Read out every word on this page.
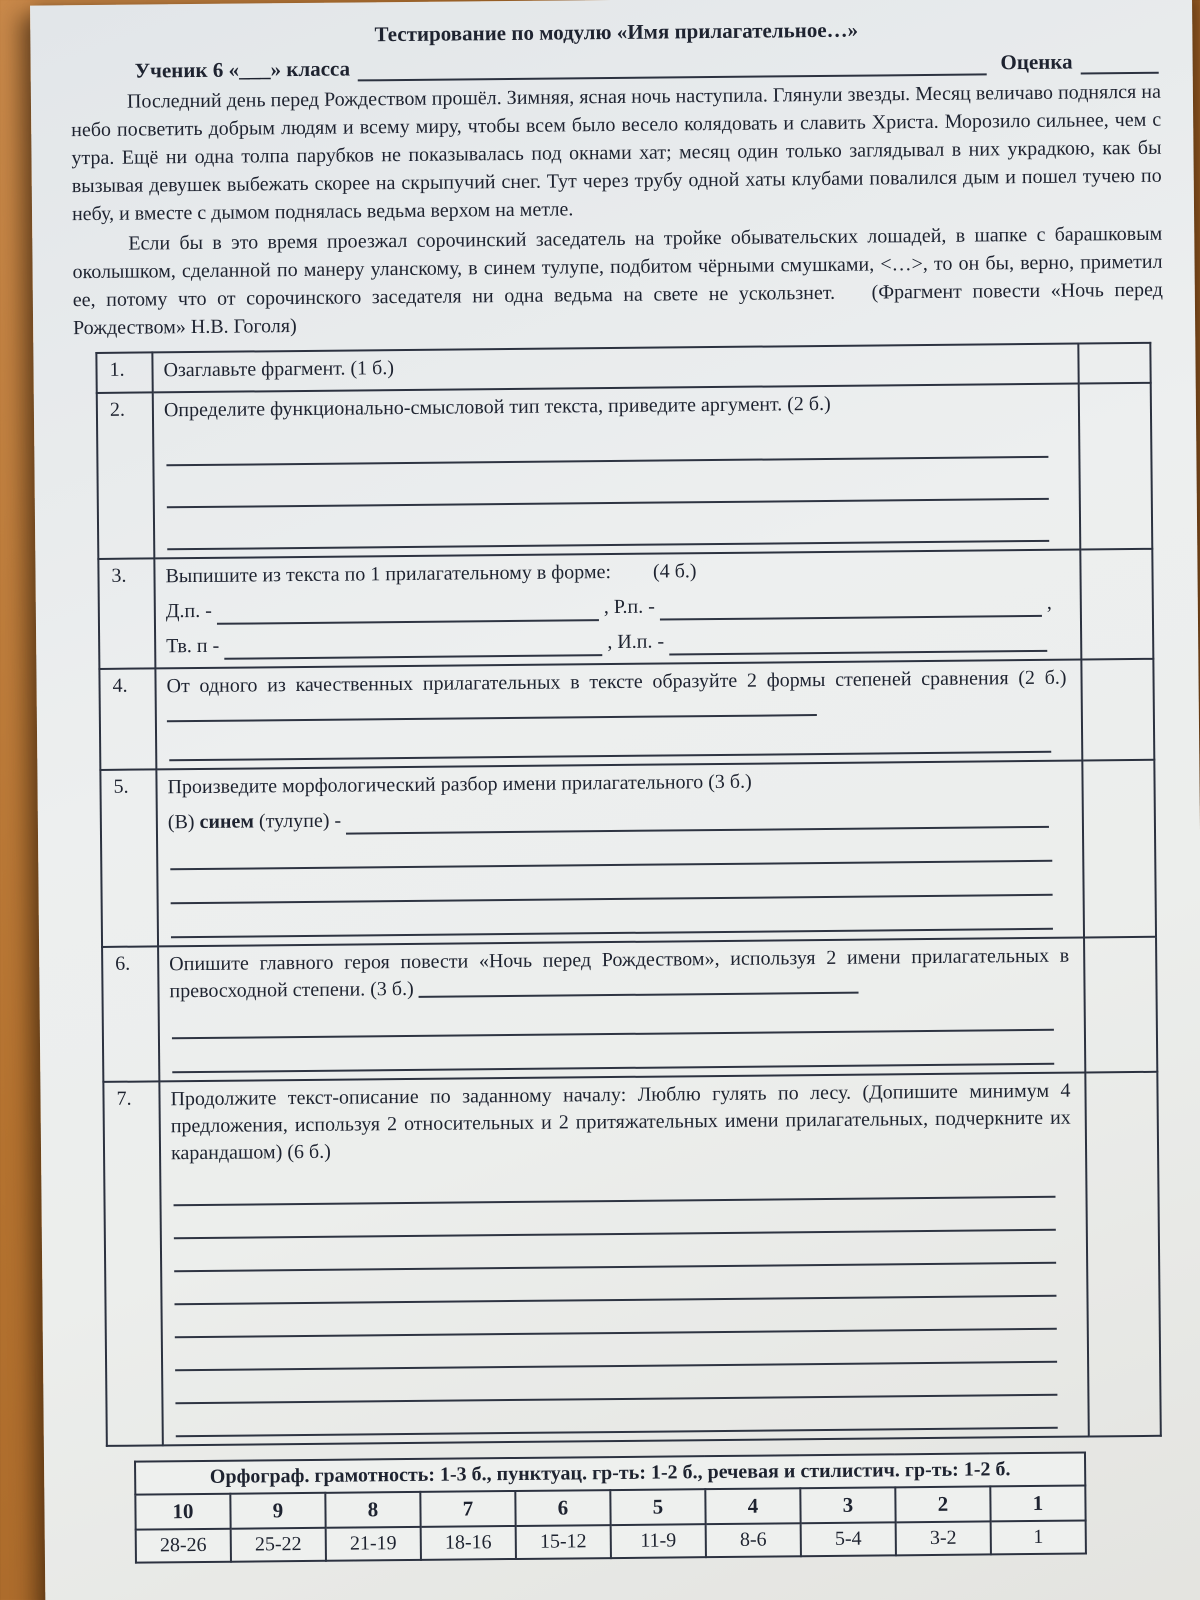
Тестирование по модулю «Имя прилагательное…»
Ученик 6 «___» класса	Оценка

Последний день перед Рождеством прошёл. Зимняя, ясная ночь наступила. Глянули звезды. Месяц величаво поднялся на небо посветить добрым людям и всему миру, чтобы всем было весело колядовать и славить Христа. Морозило сильнее, чем с утра. Ещё ни одна толпа парубков не показывалась под окнами хат; месяц один только заглядывал в них украдкою, как бы вызывая девушек выбежать скорее на скрыпучий снег. Тут через трубу одной хаты клубами повалился дым и пошел тучею по небу, и вместе с дымом поднялась ведьма верхом на метле.

Если бы в это время проезжал сорочинский заседатель на тройке обывательских лошадей, в шапке с барашковым околышком, сделанной по манеру уланскому, в синем тулупе, подбитом чёрными смушками, <…>, то он бы, верно, приметил ее, потому что от сорочинского заседателя ни одна ведьма на свете не ускользнет. (Фрагмент повести «Ночь перед Рождеством» Н.В. Гоголя)

1.	Озаглавьте фрагмент. (1 б.)	
2.	Определите функционально-смысловой тип текста, приведите аргумент. (2 б.)

3.	Выпишите из текста по 1 прилагательному в форме: (4 б.)
Д.п. -	, Р.п. -	,
Тв. п -	, И.п. -

4.	От одного из качественных прилагательных в тексте образуйте 2 формы степеней сравнения (2 б.)

5.	Произведите морфологический разбор имени прилагательного (3 б.)
(В)
синем
(тулупе) -	

6.	Опишите главного героя повести «Ночь перед Рождеством», используя 2 имени прилагательных в превосходной степени. (3 б.)

7.	Продолжите текст-описание по заданному началу: Люблю гулять по лесу. (Допишите минимум 4 предложения, используя 2 относительных и 2 притяжательных имени прилагательных, подчеркните их карандашом) (6 б.)

Орфограф. грамотность: 1-3 б., пунктуац. гр-ть: 1-2 б., речевая и стилистич. гр-ть: 1-2 б.									
10	9	8	7	6	5	4	3	2	1
28-26	25-22	21-19	18-16	15-12	11-9	8-6	5-4	3-2	1
